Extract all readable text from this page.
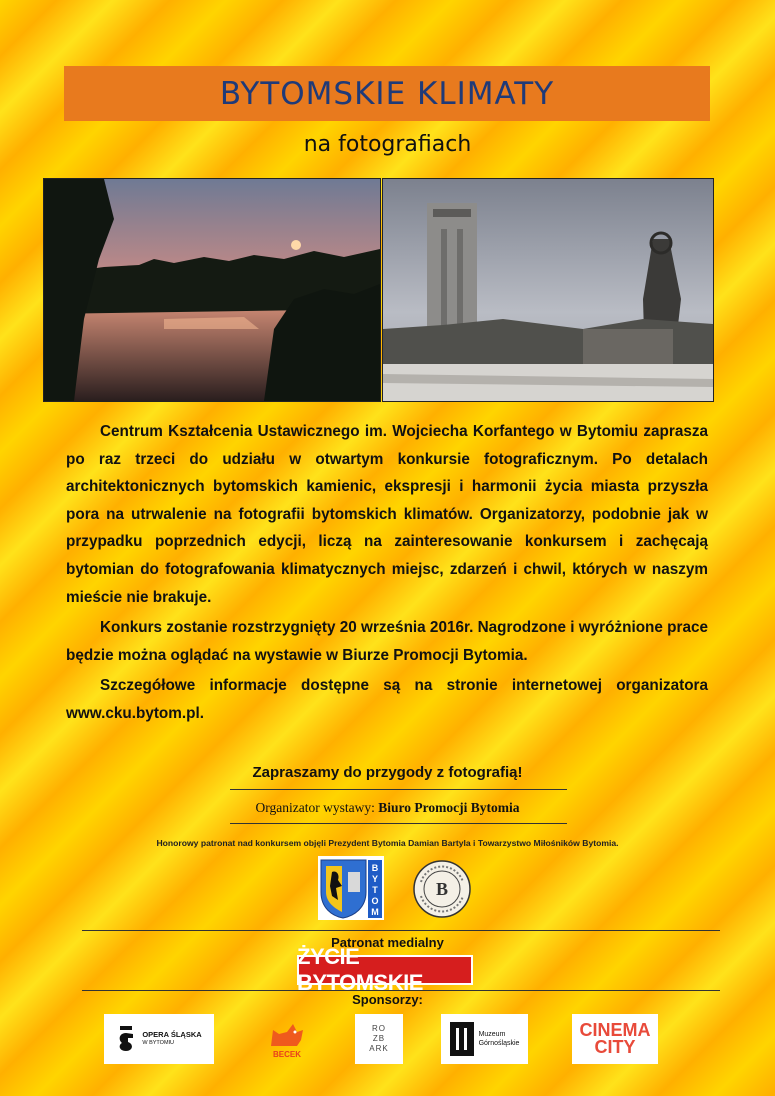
BYTOMSKIE KLIMATY
na fotografiach

Centrum Kształcenia Ustawicznego im. Wojciecha Korfantego w Bytomiu zaprasza po raz trzeci do udziału w otwartym konkursie fotograficznym. Po detalach architektonicznych bytomskich kamienic, ekspresji i harmonii życia miasta przyszła pora na utrwalenie na fotografii bytomskich klimatów. Organizatorzy, podobnie jak w przypadku poprzednich edycji, liczą na zainteresowanie konkursem i zachęcają bytomian do fotografowania klimatycznych miejsc, zdarzeń i chwil, których w naszym mieście nie brakuje.

Konkurs zostanie rozstrzygnięty 20 września 2016r. Nagrodzone i wyróżnione prace będzie można oglądać na wystawie w Biurze Promocji Bytomia.

Szczegółowe informacje dostępne są na stronie internetowej organizatora www.cku.bytom.pl.

Zapraszamy do przygody z fotografią!
Organizator wystawy: Biuro Promocji Bytomia
Honorowy patronat nad konkursem objęli Prezydent Bytomia Damian Bartyla i Towarzystwo Miłośników Bytomia.
B
Y
T
O
M
B
Patronat medialny
ŻYCIE BYTOMSKIE
Sponsorzy:
OPERA ŚLĄSKA
W BYTOMIU
BECEK
RO
ZB
ARK
Muzeum
Górnośląskie
CINEMA
CITY
